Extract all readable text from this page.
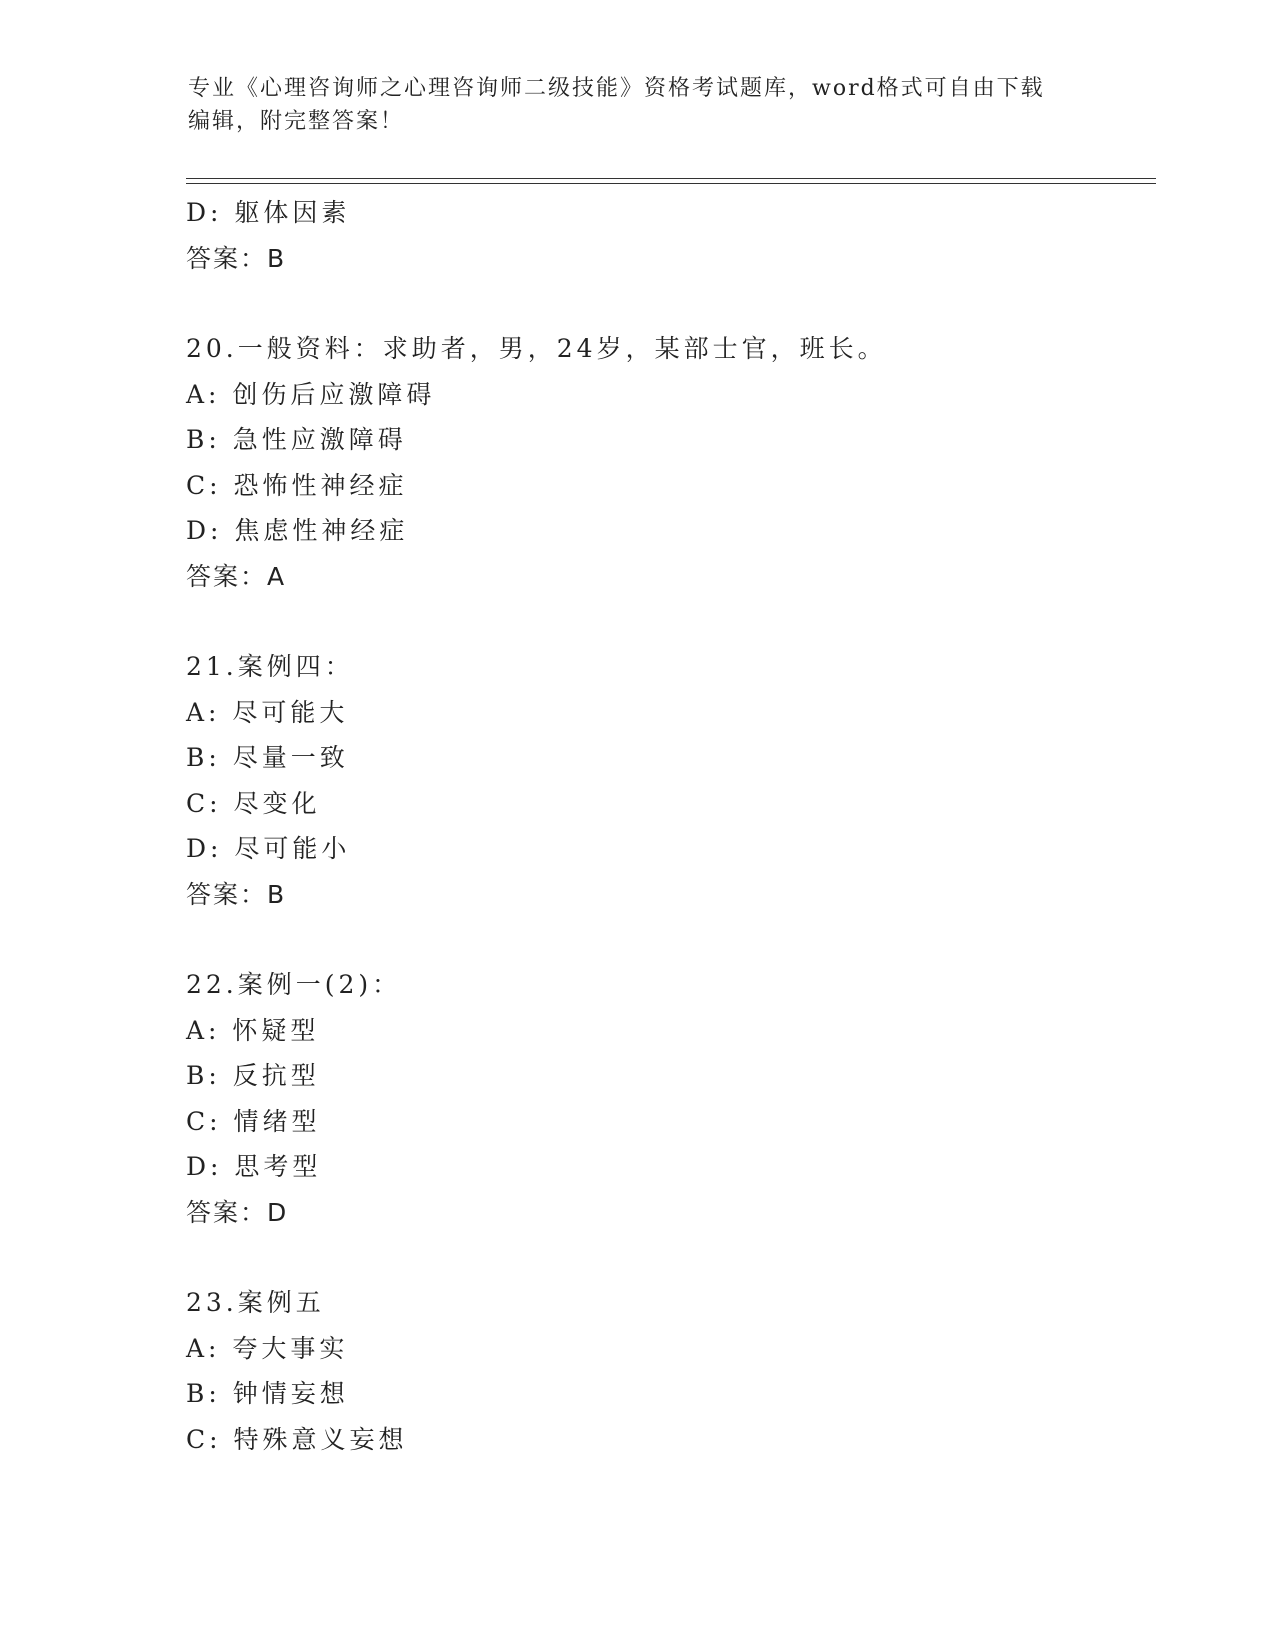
专业《心理咨询师之心理咨询师二级技能》资格考试题库，word格式可自由下载
编辑，附完整答案！
D: 躯体因素
答案：B
20.一般资料：求助者，男，24岁，某部士官，班长。
A: 创伤后应激障碍
B: 急性应激障碍
C: 恐怖性神经症
D: 焦虑性神经症
答案：A
21.案例四：
A: 尽可能大
B: 尽量一致
C: 尽变化
D: 尽可能小
答案：B
22.案例一(2)：
A: 怀疑型
B: 反抗型
C: 情绪型
D: 思考型
答案：D
23.案例五
A: 夸大事实
B: 钟情妄想
C: 特殊意义妄想
